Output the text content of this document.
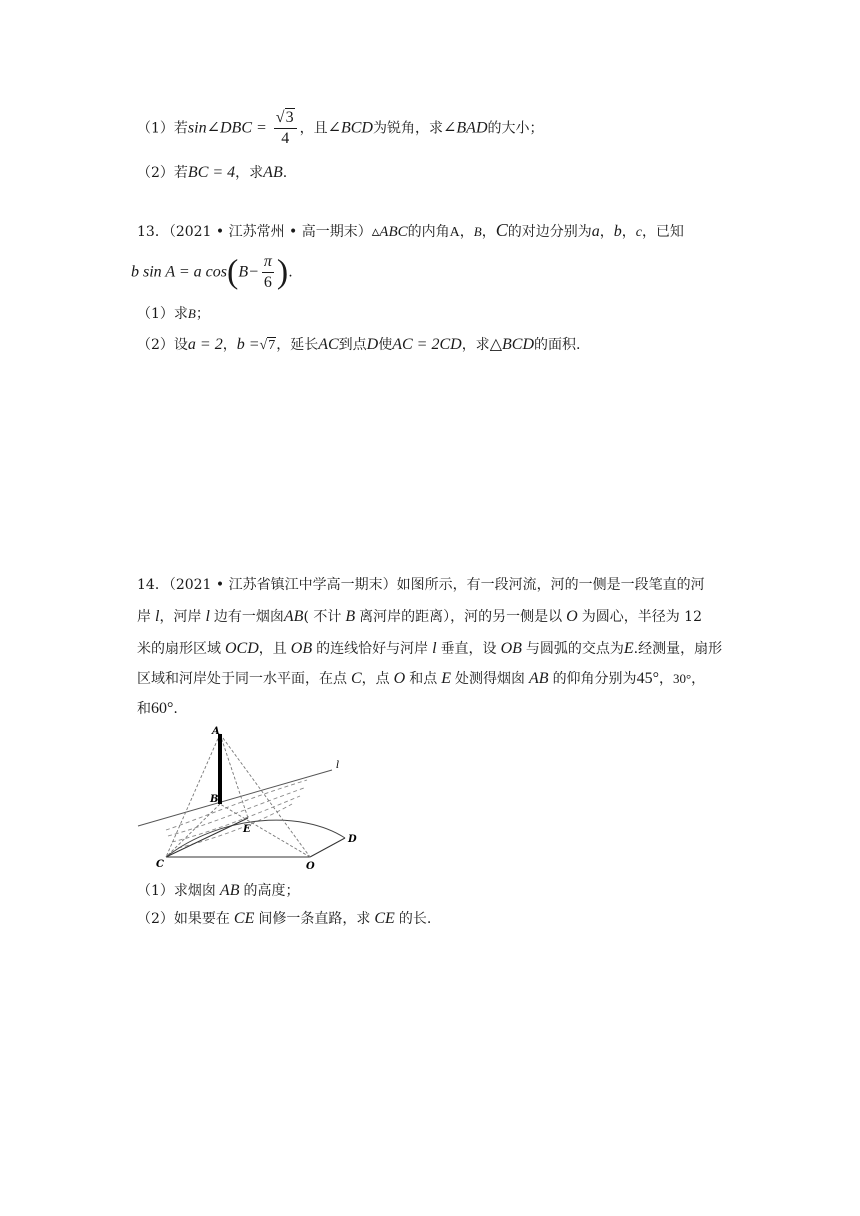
（1）若sin∠DBC = $\frac{√3}{4}$ ，且∠BCD为锐角，求∠BAD的大小；
（2）若BC = 4，求AB.
13．（2021 • 江苏常州 • 高一期末）▵ABC的内角A，B，C的对边分别为a，b，c，已知
b sin A = a $\cos(B- \frac{\pi}{6}$ ).
（1）求B；
（2）设a = 2，b =√7，延长AC到点D使AC = 2CD，求△BCD的面积.
14．（2021 • 江苏省镇江中学高一期末）如图所示，有一段河流，河的一侧是一段笔直的河
岸 l，河岸 l 边有一烟囱AB( 不计 B 离河岸的距离），河的另一侧是以 O 为圆心，半径为 12
米的扇形区域 OCD，且 OB 的连线恰好与河岸 l 垂直，设 OB 与圆弧的交点为E.经测量，扇形
区域和河岸处于同一水平面，在点 C，点 O 和点 E 处测得烟囱 AB 的仰角分别为45°，30°，
和60°.
A
B
E
C	O
D
l
（1）求烟囱 AB 的高度；
（2）如果要在 CE 间修一条直路，求 CE 的长.
